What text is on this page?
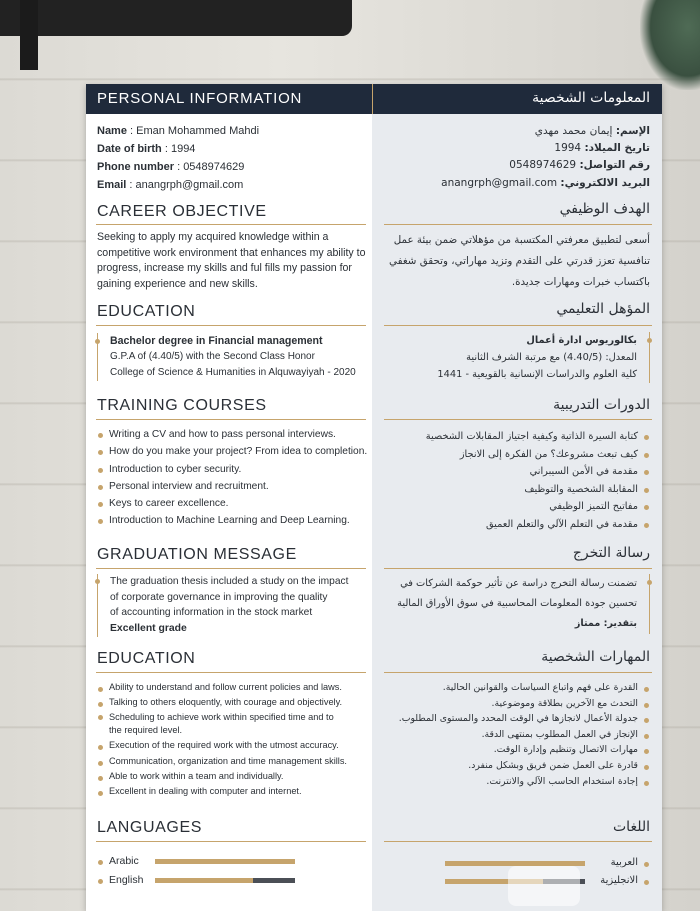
PERSONAL INFORMATION	المعلومات الشخصية
Name : Eman Mohammed Mahdi
Date of birth : 1994
Phone number : 0548974629
Email : anangrph@gmail.com
الإسم: إيمان محمد مهدي
تاريخ الميلاد: 1994
رقم التواصل: 0548974629
البريد الالكتروني: anangrph@gmail.com
CAREER OBJECTIVE	الهدف الوظيفي
Seeking to apply my acquired knowledge within a competitive work environment that enhances my ability to progress, increase my skills and ful fills my passion for gaining experience and new skills.
أسعى لتطبيق معرفتي المكتسبة من مؤهلاتي ضمن بيئة عمل تنافسية تعزز قدرتي على التقدم وتزيد مهاراتي، وتحقق شغفي باكتساب خبرات ومهارات جديدة.
EDUCATION	المؤهل التعليمي
Bachelor degree in Financial management
G.P.A of (4.40/5) with the Second Class Honor
College of Science & Humanities in Alquwayiyah - 2020
بكالوريوس ادارة أعمال
المعدل: (4.40/5) مع مرتبة الشرف الثانية
كلية العلوم والدراسات الإنسانية بالقويعية - 1441
TRAINING COURSES	الدورات التدريبية
Writing a CV and how to pass personal interviews.
How do you make your project? From idea to completion.
Introduction to cyber security.
Personal interview and recruitment.
Keys to career excellence.
Introduction to Machine Learning and Deep Learning.
كتابة السيرة الذاتية وكيفية اجتياز المقابلات الشخصية
كيف تبعث مشروعك؟ من الفكرة إلى الانجاز
مقدمة في الأمن السيبراني
المقابلة الشخصية والتوظيف
مفاتيح التميز الوظيفي
مقدمة في التعلم الآلي والتعلم العميق
GRADUATION MESSAGE	رسالة التخرج
The graduation thesis included a study on the impact
of corporate governance in improving the quality
of accounting information in the stock market
Excellent grade
تضمنت رسالة التخرج دراسة عن تأثير حوكمة الشركات في
تحسين جودة المعلومات المحاسبية في سوق الأوراق المالية
بتقدير: ممتاز
EDUCATION	المهارات الشخصية
Ability to understand and follow current policies and laws.
Talking to others eloquently, with courage and objectively.
Scheduling to achieve work within specified time and to the required level.
Execution of the required work with the utmost accuracy.
Communication, organization and time management skills.
Able to work within a team and individually.
Excellent in dealing with computer and internet.
القدرة على فهم واتباع السياسات والقوانين الحالية.
التحدث مع الآخرين بطلاقة وموضوعية.
جدولة الأعمال لانجازها في الوقت المحدد والمستوى المطلوب.
الإنجاز في العمل المطلوب بمنتهى الدقة.
مهارات الاتصال وتنظيم وإدارة الوقت.
قادرة على العمل ضمن فريق وبشكل منفرد.
إجادة استخدام الحاسب الآلي والانترنت.
LANGUAGES	اللغات
Arabic
English
العربية
الانجليزية
